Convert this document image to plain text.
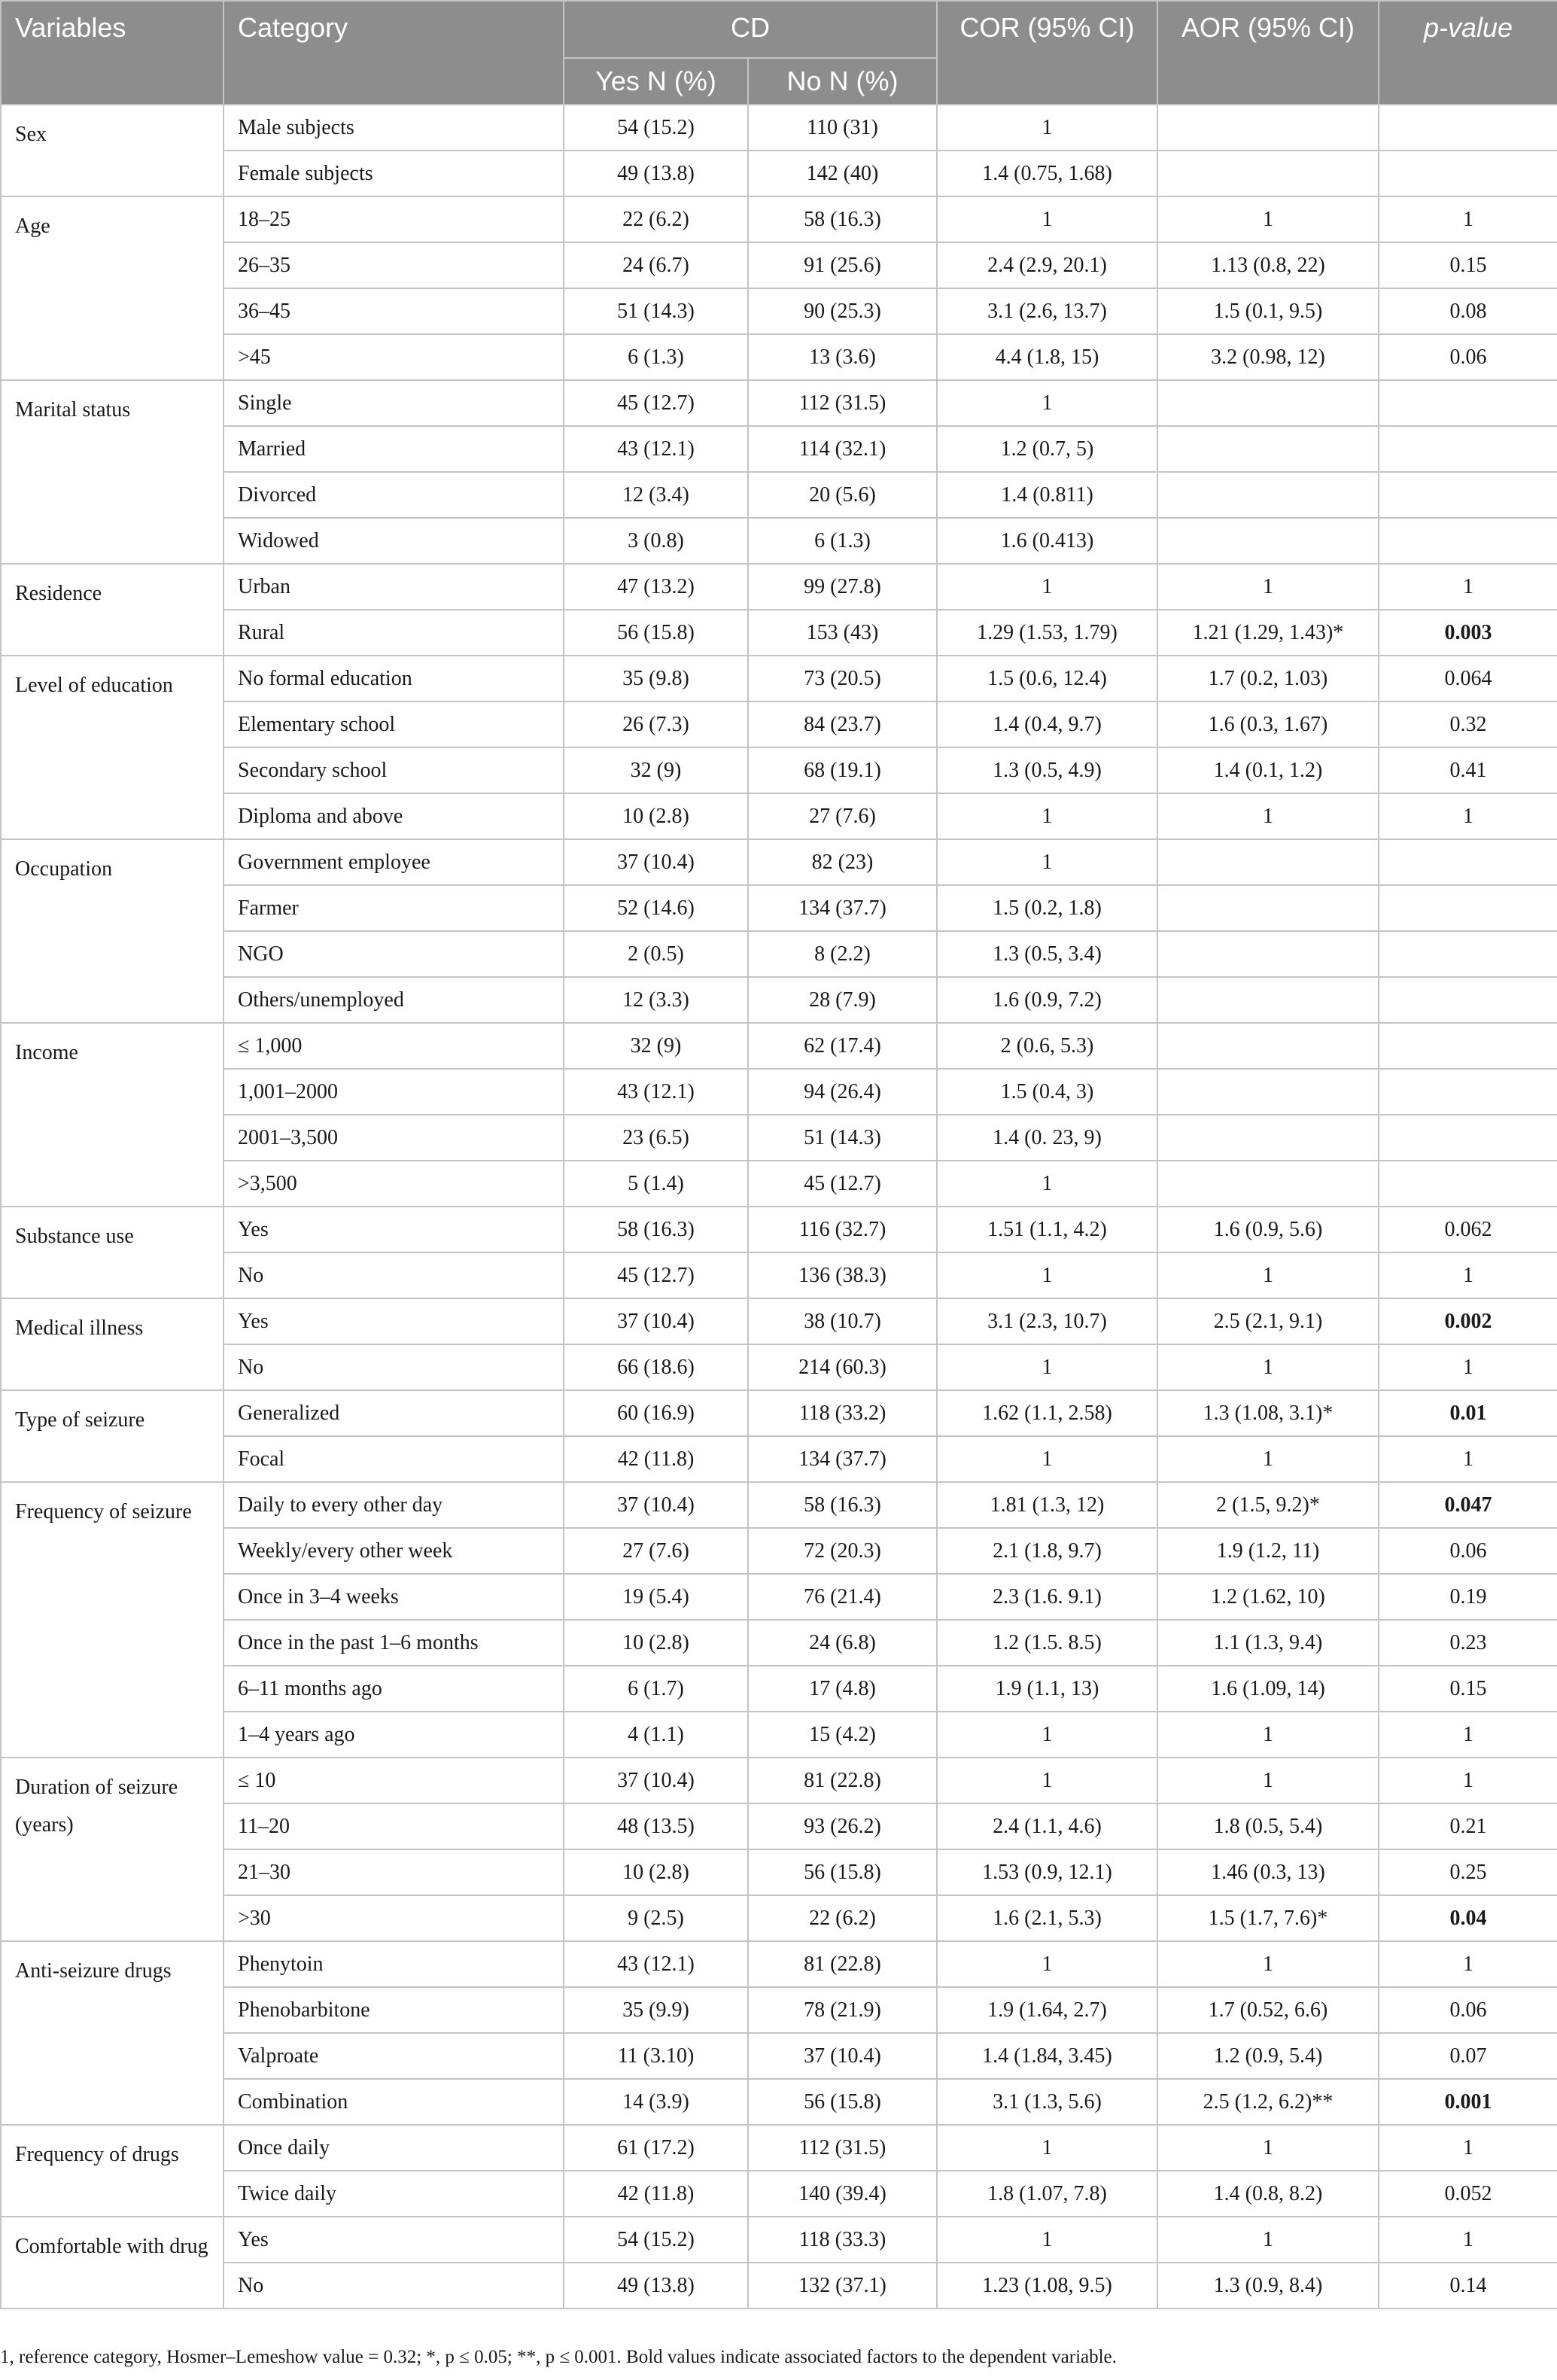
Variables	Category	CD		COR (95% CI)	AOR (95% CI)	p-value
		Yes N (%)	No N (%)			
Sex	Male subjects	54 (15.2)	110 (31)	1		
	Female subjects	49 (13.8)	142 (40)	1.4 (0.75, 1.68)		
Age	18–25	22 (6.2)	58 (16.3)	1	1	1
	26–35	24 (6.7)	91 (25.6)	2.4 (2.9, 20.1)	1.13 (0.8, 22)	0.15
	36–45	51 (14.3)	90 (25.3)	3.1 (2.6, 13.7)	1.5 (0.1, 9.5)	0.08
	>45	6 (1.3)	13 (3.6)	4.4 (1.8, 15)	3.2 (0.98, 12)	0.06
Marital status	Single	45 (12.7)	112 (31.5)	1		
	Married	43 (12.1)	114 (32.1)	1.2 (0.7, 5)		
	Divorced	12 (3.4)	20 (5.6)	1.4 (0.811)		
	Widowed	3 (0.8)	6 (1.3)	1.6 (0.413)		
Residence	Urban	47 (13.2)	99 (27.8)	1	1	1
	Rural	56 (15.8)	153 (43)	1.29 (1.53, 1.79)	1.21 (1.29, 1.43)*	0.003
Level of education	No formal education	35 (9.8)	73 (20.5)	1.5 (0.6, 12.4)	1.7 (0.2, 1.03)	0.064
	Elementary school	26 (7.3)	84 (23.7)	1.4 (0.4, 9.7)	1.6 (0.3, 1.67)	0.32
	Secondary school	32 (9)	68 (19.1)	1.3 (0.5, 4.9)	1.4 (0.1, 1.2)	0.41
	Diploma and above	10 (2.8)	27 (7.6)	1	1	1
Occupation	Government employee	37 (10.4)	82 (23)	1		
	Farmer	52 (14.6)	134 (37.7)	1.5 (0.2, 1.8)		
	NGO	2 (0.5)	8 (2.2)	1.3 (0.5, 3.4)		
	Others/unemployed	12 (3.3)	28 (7.9)	1.6 (0.9, 7.2)		
Income	≤ 1,000	32 (9)	62 (17.4)	2 (0.6, 5.3)		
	1,001–2000	43 (12.1)	94 (26.4)	1.5 (0.4, 3)		
	2001–3,500	23 (6.5)	51 (14.3)	1.4 (0. 23, 9)		
	>3,500	5 (1.4)	45 (12.7)	1		
Substance use	Yes	58 (16.3)	116 (32.7)	1.51 (1.1, 4.2)	1.6 (0.9, 5.6)	0.062
	No	45 (12.7)	136 (38.3)	1	1	1
Medical illness	Yes	37 (10.4)	38 (10.7)	3.1 (2.3, 10.7)	2.5 (2.1, 9.1)	0.002
	No	66 (18.6)	214 (60.3)	1	1	1
Type of seizure	Generalized	60 (16.9)	118 (33.2)	1.62 (1.1, 2.58)	1.3 (1.08, 3.1)*	0.01
	Focal	42 (11.8)	134 (37.7)	1	1	1
Frequency of seizure	Daily to every other day	37 (10.4)	58 (16.3)	1.81 (1.3, 12)	2 (1.5, 9.2)*	0.047
	Weekly/every other week	27 (7.6)	72 (20.3)	2.1 (1.8, 9.7)	1.9 (1.2, 11)	0.06
	Once in 3–4 weeks	19 (5.4)	76 (21.4)	2.3 (1.6. 9.1)	1.2 (1.62, 10)	0.19
	Once in the past 1–6 months	10 (2.8)	24 (6.8)	1.2 (1.5. 8.5)	1.1 (1.3, 9.4)	0.23
	6–11 months ago	6 (1.7)	17 (4.8)	1.9 (1.1, 13)	1.6 (1.09, 14)	0.15
	1–4 years ago	4 (1.1)	15 (4.2)	1	1	1
Duration of seizure (years)	≤ 10	37 (10.4)	81 (22.8)	1	1	1
	11–20	48 (13.5)	93 (26.2)	2.4 (1.1, 4.6)	1.8 (0.5, 5.4)	0.21
	21–30	10 (2.8)	56 (15.8)	1.53 (0.9, 12.1)	1.46 (0.3, 13)	0.25
	>30	9 (2.5)	22 (6.2)	1.6 (2.1, 5.3)	1.5 (1.7, 7.6)*	0.04
Anti-seizure drugs	Phenytoin	43 (12.1)	81 (22.8)	1	1	1
	Phenobarbitone	35 (9.9)	78 (21.9)	1.9 (1.64, 2.7)	1.7 (0.52, 6.6)	0.06
	Valproate	11 (3.10)	37 (10.4)	1.4 (1.84, 3.45)	1.2 (0.9, 5.4)	0.07
	Combination	14 (3.9)	56 (15.8)	3.1 (1.3, 5.6)	2.5 (1.2, 6.2)**	0.001
Frequency of drugs	Once daily	61 (17.2)	112 (31.5)	1	1	1
	Twice daily	42 (11.8)	140 (39.4)	1.8 (1.07, 7.8)	1.4 (0.8, 8.2)	0.052
Comfortable with drug	Yes	54 (15.2)	118 (33.3)	1	1	1
	No	49 (13.8)	132 (37.1)	1.23 (1.08, 9.5)	1.3 (0.9, 8.4)	0.14
1, reference category, Hosmer–Lemeshow value = 0.32; *, p ≤ 0.05; **, p ≤ 0.001. Bold values indicate associated factors to the dependent variable.
